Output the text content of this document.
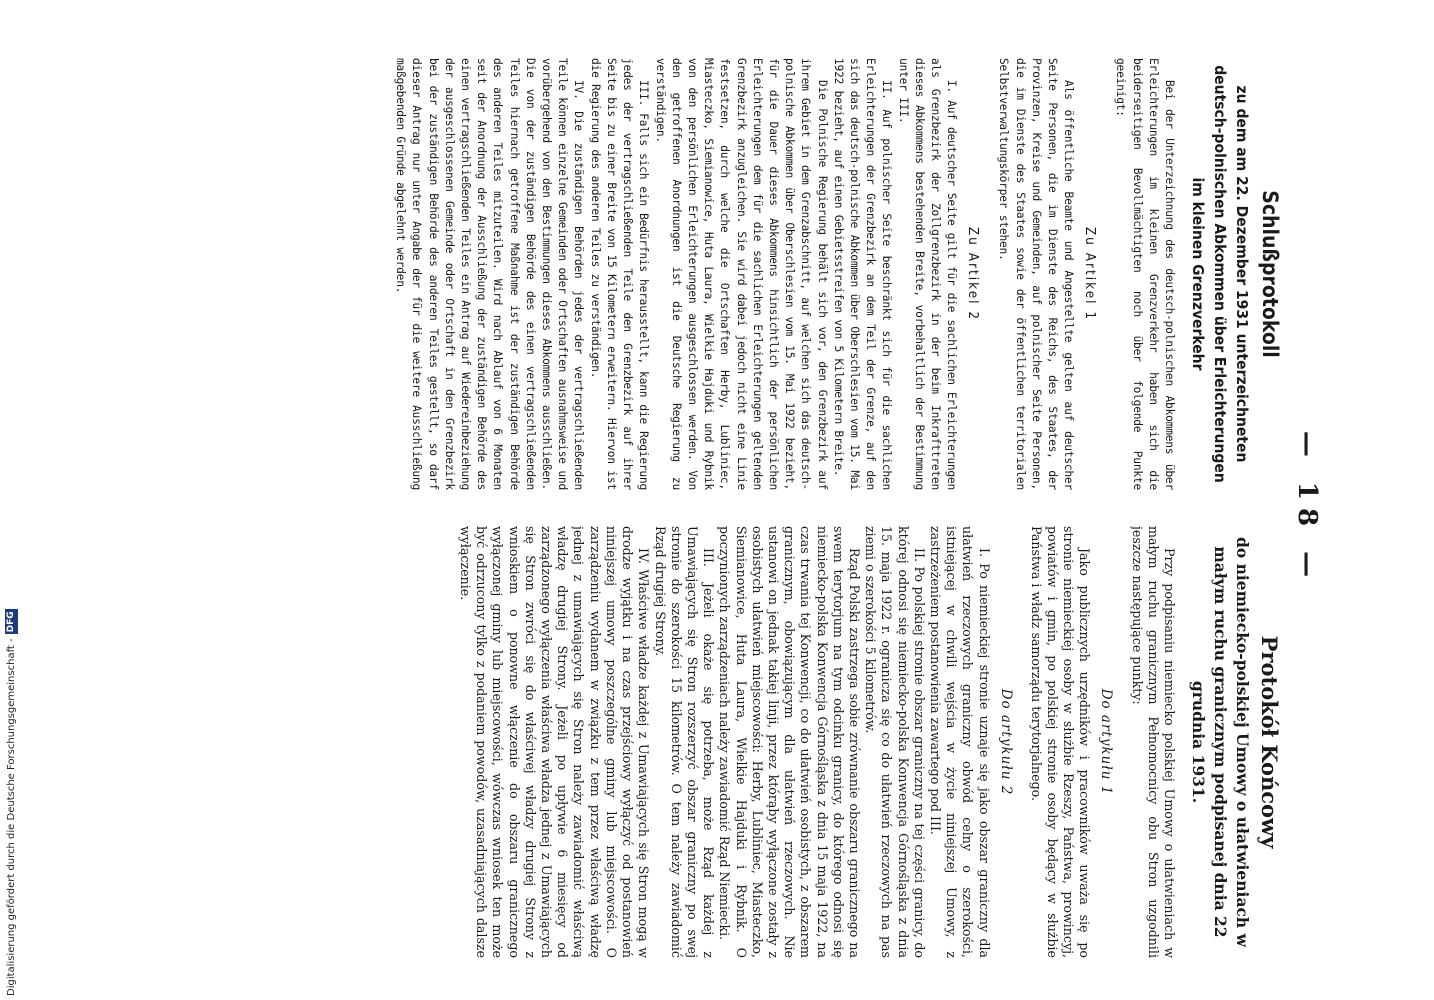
— 18 —
Schlußprotokoll
zu dem am 22. Dezember 1931 unterzeichneten deutsch-polnischen Abkommen über Erleichterungen im kleinen Grenzverkehr

Bei der Unterzeichnung des deutsch-polnischen Abkommens über Erleichterungen im kleinen Grenzverkehr haben sich die beiderseitigen Bevollmächtigten noch über folgende Punkte geeinigt:

Zu Artikel 1

Als öffentliche Beamte und Angestellte gelten auf deutscher Seite Personen, die im Dienste des Reichs, des Staates, der Provinzen, Kreise und Gemeinden, auf polnischer Seite Personen, die im Dienste des Staates sowie der öffentlichen territorialen Selbstverwaltungskörper stehen.

Zu Artikel 2

I. Auf deutscher Seite gilt für die sachlichen Erleichterungen als Grenzbezirk der Zollgrenzbezirk in der beim Inkrafttreten dieses Abkommens bestehenden Breite, vorbehaltlich der Bestimmung unter III.

II. Auf polnischer Seite beschränkt sich für die sachlichen Erleichterungen der Grenzbezirk an dem Teil der Grenze, auf den sich das deutsch-polnische Abkommen über Oberschlesien vom 15. Mai 1922 bezieht, auf einen Gebietsstreifen von 5 Kilometern Breite.

Die Polnische Regierung behält sich vor, den Grenzbezirk auf ihrem Gebiet in dem Grenzabschnitt, auf welchen sich das deutsch-polnische Abkommen über Oberschlesien vom 15. Mai 1922 bezieht, für die Dauer dieses Abkommens hinsichtlich der persönlichen Erleichterungen dem für die sachlichen Erleichterungen geltenden Grenzbezirk anzugleichen. Sie wird dabei jedoch nicht eine Linie festsetzen, durch welche die Ortschaften Herby, Lubliniec, Miasteczko, Siemianowice, Huta Laura, Wielkie Hajduki und Rybnik von den persönlichen Erleichterungen ausgeschlossen werden. Von den getroffenen Anordnungen ist die Deutsche Regierung zu verständigen.

III. Falls sich ein Bedürfnis herausstellt, kann die Regierung jedes der vertragschließenden Teile den Grenzbezirk auf ihrer Seite bis zu einer Breite von 15 Kilometern erweitern. Hiervon ist die Regierung des anderen Teiles zu verständigen.

IV. Die zuständigen Behörden jedes der vertragschließenden Teile können einzelne Gemeinden oder Ortschaften ausnahmsweise und vorübergehend von den Bestimmungen dieses Abkommens ausschließen. Die von der zuständigen Behörde des einen vertragschließenden Teiles hiernach getroffene Maßnahme ist der zuständigen Behörde des anderen Teiles mitzuteilen. Wird nach Ablauf von 6 Monaten seit der Anordnung der Ausschließung der zuständigen Behörde des einen vertragschließenden Teiles ein Antrag auf Wiedereinbeziehung der ausgeschlossenen Gemeinde oder Ortschaft in den Grenzbezirk bei der zuständigen Behörde des anderen Teiles gestellt, so darf dieser Antrag nur unter Angabe der für die weitere Ausschließung maßgebenden Gründe abgelehnt werden.

Protokół Końcowy
do niemiecko-polskiej Umowy o ułatwieniach w małym ruchu granicznym podpisanej dnia 22 grudnia 1931.

Przy podpisaniu niemiecko polskiej Umowy o ułatwieniach w małym ruchu granicznym Pełnomocnicy obu Stron uzgodnili jeszcze następujące punkty:

Do artykułu 1

Jako publicznych urzędników i pracowników uważa się po stronie niemieckiej osoby w służbie Rzeszy, Państwa, prowincyj, powiatów i gmin, po polskiej stronie osoby będący w służbie Państwa i władz samorządu terytorjalnego.

Do artykułu 2

I. Po niemieckiej stronie uznaje się jako obszar graniczny dla ułatwień rzeczowych graniczny obwód celny o szerokości, istniejącej w chwili wejścia w życie niniejszej Umowy, z zastrzeżeniem postanowienia zawartego pod III.

II. Po polskiej stronie obszar graniczny na tej części granicy, do której odnosi się niemiecko-polska Konwencja Górnośląska z dnia 15. maja 1922 r. ogranicza się co do ułatwień rzeczowych na pas ziemi o szerokości 5 kilometrów.

Rząd Polski zastrzega sobie zrównanie obszaru granicznego na swem terytorjum na tym odcinku granicy, do którego odnosi się niemiecko-polska Konwencja Górnośląska z dnia 15 maja 1922, na czas trwania tej Konwencji, co do ułatwień osobistych, z obszarem granicznym, obowiązującym dla ułatwień rzeczowych. Nie ustanowi on jednak takiej linji, przez którąby wyłączone zostały z osobistych ułatwień miejscowości: Herby, Lubliniec, Miasteczko, Siemianowice, Huta Laura, Wielkie Hajduki i Rybnik. O poczynionych zarządzeniach należy zawiadomić Rząd Niemiecki.

III. Jeżeli okaże się potrzeba, może Rząd każdej z Umawiających się Stron rozszerzyć obszar graniczny po swej stronie do szerokości 15 kilometrów. O tem należy zawiadomić Rząd drugiej Strony.

IV. Właściwe władze każdej z Umawiających się Stron mogą w drodze wyjątku i na czas przejściowy wyłączyć od postanowień niniejszej umowy poszczególne gminy lub miejscowości. O zarządzeniu wydanem w związku z tem przez właściwą władzę jednej z umawiających się Stron należy zawiadomić właściwą władzę drugiej Strony. Jeżeli po upływie 6 miesięcy od zarządzonego wyłączenia właściwa władza jednej z Umawiających się Stron zwróci się do właściwej władzy drugiej Strony z wnioskiem o ponowne włączenie do obszaru granicznego wyłączonej gminy lub miejscowości, wówczas wniosek ten może być odrzucony tylko z podaniem powodów, uzasadniających dalsze wyłączenie.

Digitalisierung gefördert durch die Deutsche Forschungsgemeinschaft -DFG
